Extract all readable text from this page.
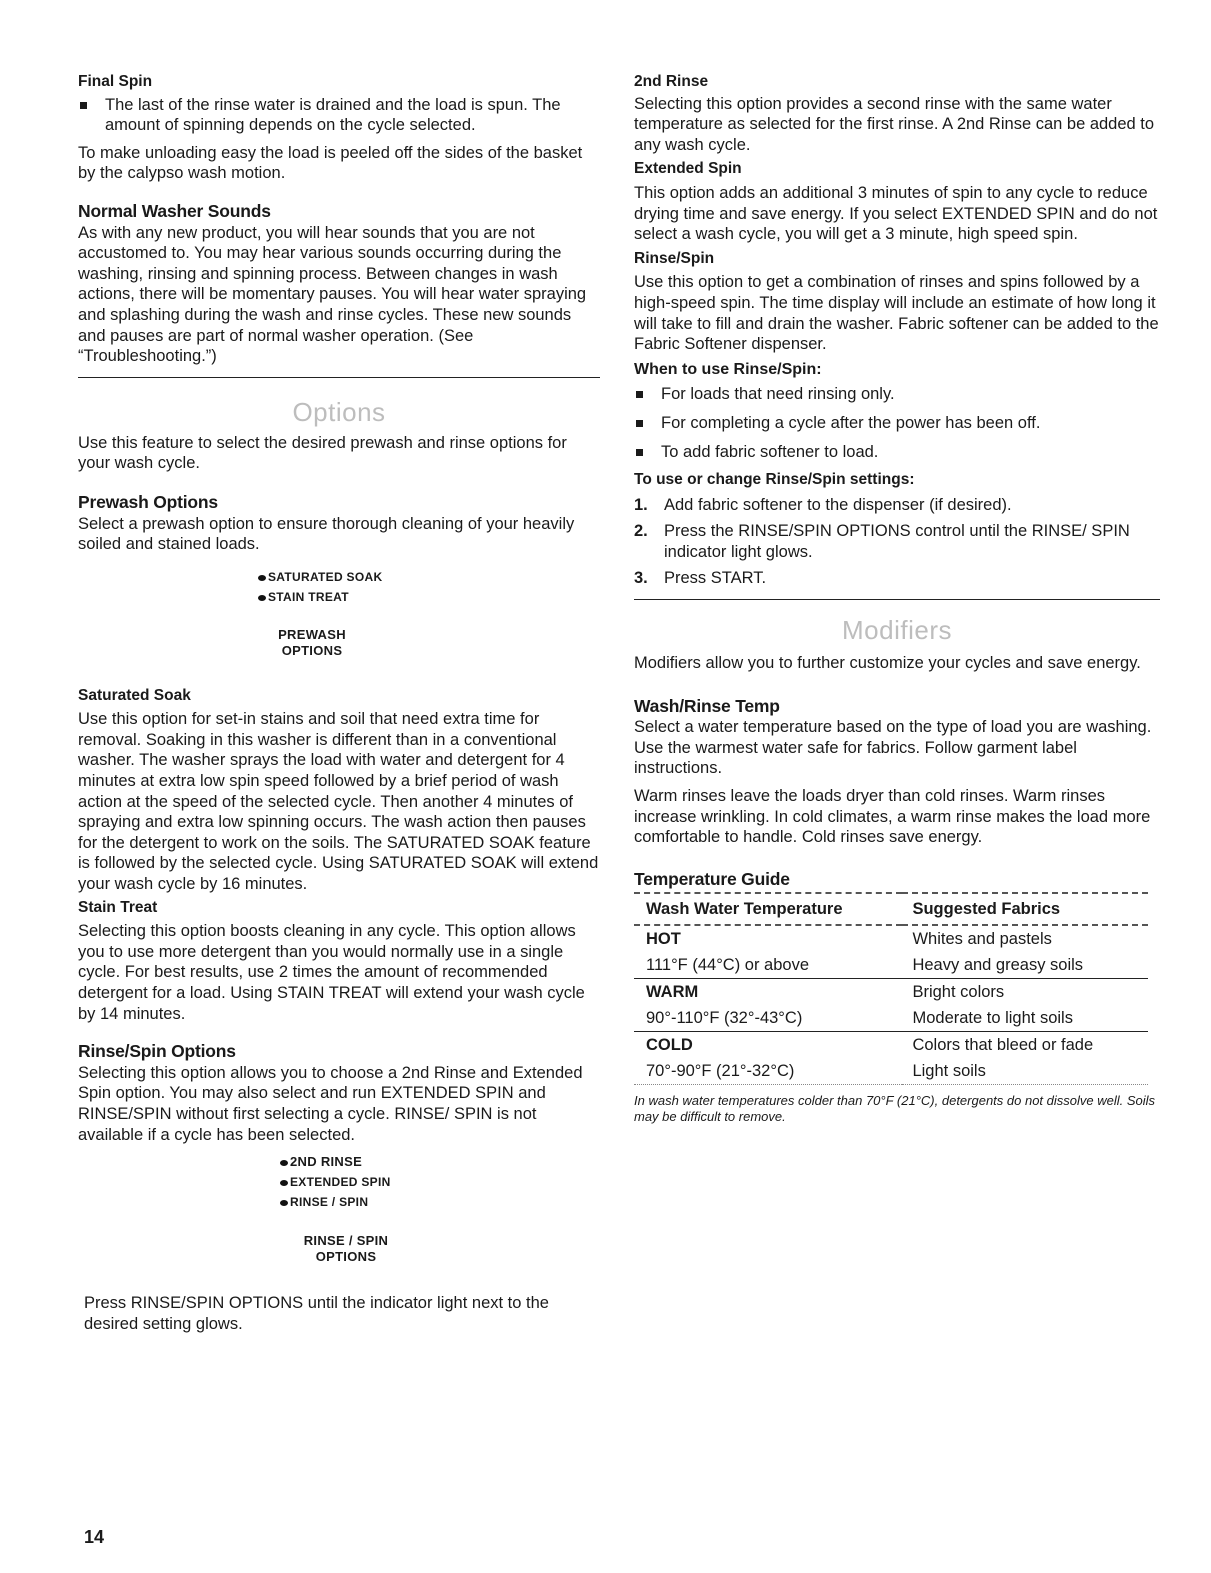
Final Spin

The last of the rinse water is drained and the load is spun. The amount of spinning depends on the cycle selected.

To make unloading easy the load is peeled off the sides of the basket by the calypso wash motion.

Normal Washer Sounds

As with any new product, you will hear sounds that you are not accustomed to. You may hear various sounds occurring during the washing, rinsing and spinning process. Between changes in wash actions, there will be momentary pauses. You will hear water spraying and splashing during the wash and rinse cycles. These new sounds and pauses are part of normal washer operation. (See “Troubleshooting.”)

Options

Use this feature to select the desired prewash and rinse options for your wash cycle.

Prewash Options

Select a prewash option to ensure thorough cleaning of your heavily soiled and stained loads.

SATURATED SOAK
STAIN TREAT
PREWASH
OPTIONS

Saturated Soak

Use this option for set-in stains and soil that need extra time for removal. Soaking in this washer is different than in a conventional washer. The washer sprays the load with water and detergent for 4 minutes at extra low spin speed followed by a brief period of wash action at the speed of the selected cycle. Then another 4 minutes of spraying and extra low spinning occurs. The wash action then pauses for the detergent to work on the soils. The SATURATED SOAK feature is followed by the selected cycle. Using SATURATED SOAK will extend your wash cycle by 16 minutes.

Stain Treat

Selecting this option boosts cleaning in any cycle. This option allows you to use more detergent than you would normally use in a single cycle. For best results, use 2 times the amount of recommended detergent for a load. Using STAIN TREAT will extend your wash cycle by 14 minutes.

Rinse/Spin Options

Selecting this option allows you to choose a 2nd Rinse and Extended Spin option. You may also select and run EXTENDED SPIN and RINSE/SPIN without first selecting a cycle. RINSE/ SPIN is not available if a cycle has been selected.

2ND RINSE
EXTENDED SPIN
RINSE / SPIN
RINSE / SPIN
OPTIONS

Press RINSE/SPIN OPTIONS until the indicator light next to the desired setting glows.

2nd Rinse

Selecting this option provides a second rinse with the same water temperature as selected for the first rinse. A 2nd Rinse can be added to any wash cycle.

Extended Spin

This option adds an additional 3 minutes of spin to any cycle to reduce drying time and save energy. If you select EXTENDED SPIN and do not select a wash cycle, you will get a 3 minute, high speed spin.

Rinse/Spin

Use this option to get a combination of rinses and spins followed by a high-speed spin. The time display will include an estimate of how long it will take to fill and drain the washer. Fabric softener can be added to the Fabric Softener dispenser.

When to use Rinse/Spin:

For loads that need rinsing only.

For completing a cycle after the power has been off.

To add fabric softener to load.

To use or change Rinse/Spin settings:

1. Add fabric softener to the dispenser (if desired).
2. Press the RINSE/SPIN OPTIONS control until the RINSE/ SPIN indicator light glows.
3. Press START.

Modifiers

Modifiers allow you to further customize your cycles and save energy.

Wash/Rinse Temp

Select a water temperature based on the type of load you are washing. Use the warmest water safe for fabrics. Follow garment label instructions.

Warm rinses leave the loads dryer than cold rinses. Warm rinses increase wrinkling. In cold climates, a warm rinse makes the load more comfortable to handle. Cold rinses save energy.

Temperature Guide

Wash Water Temperature	Suggested Fabrics
HOT	Whites and pastels
111°F (44°C) or above	Heavy and greasy soils
WARM	Bright colors
90°-110°F (32°-43°C)	Moderate to light soils
COLD	Colors that bleed or fade
70°-90°F (21°-32°C)	Light soils

In wash water temperatures colder than 70°F (21°C), detergents do not dissolve well. Soils may be difficult to remove.

14
